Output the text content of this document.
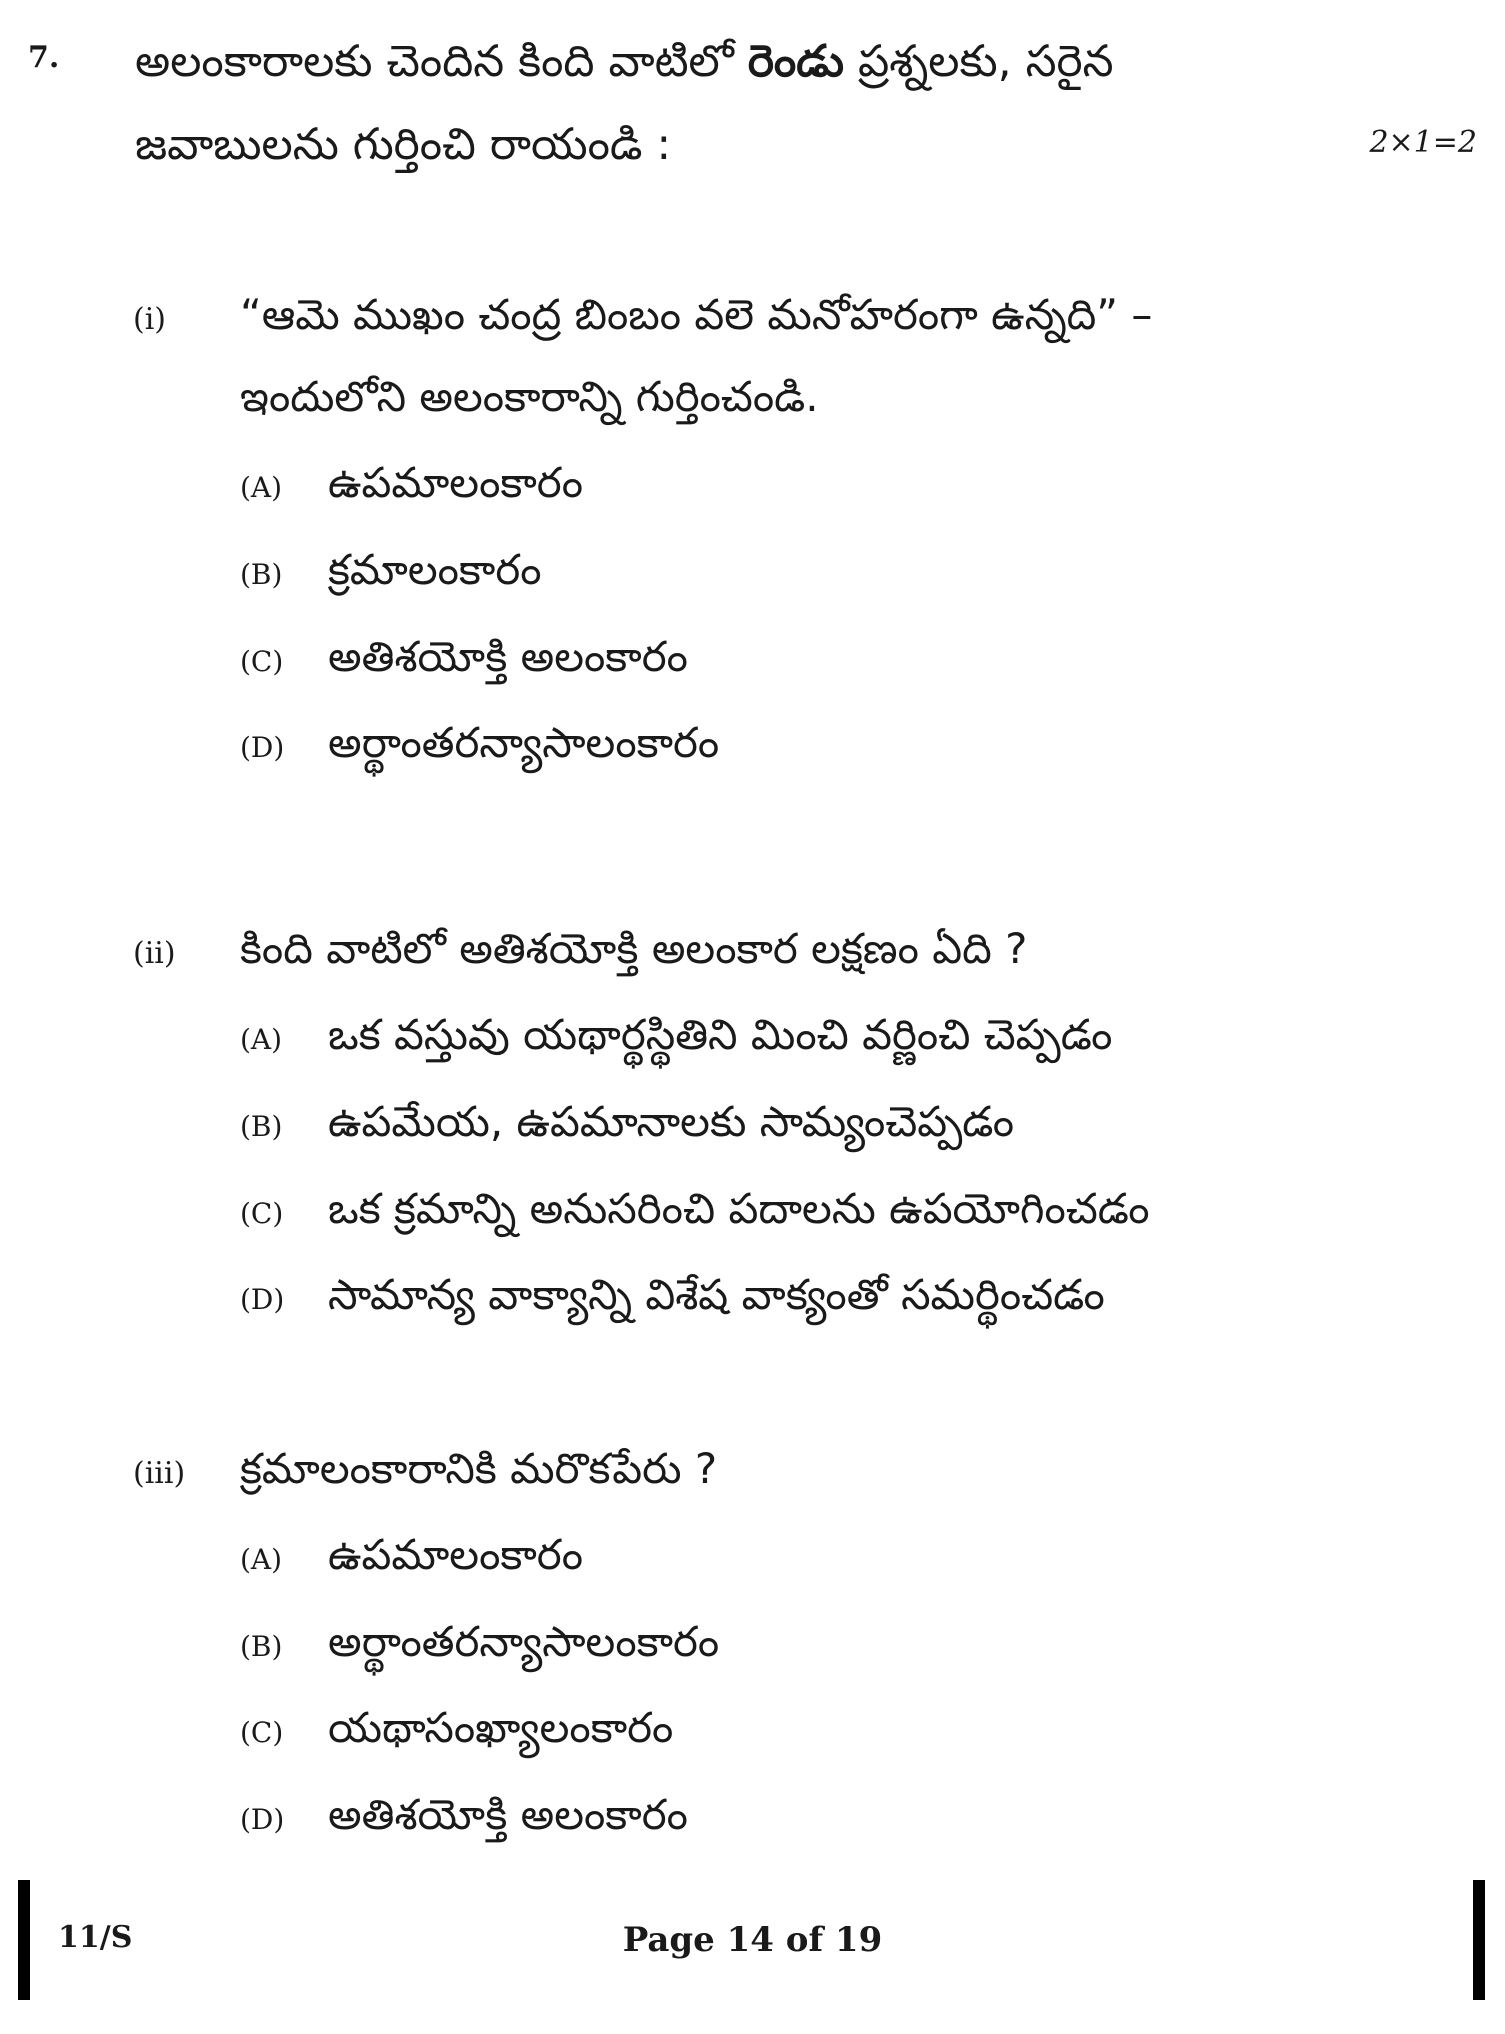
7. అలంకారాలకు చెందిన కింది వాటిలో రెండు ప్రశ్నలకు, సరైన
జవాబులను గుర్తించి రాయండి :	2×1=2
(i) “ఆమె ముఖం చంద్ర బింబం వలె మనోహరంగా ఉన్నది” –
ఇందులోని అలంకారాన్ని గుర్తించండి.
(A)	ఉపమాలంకారం
(B)	క్రమాలంకారం
(C)	అతిశయోక్తి అలంకారం
(D)	అర్థాంతరన్యాసాలంకారం
(ii) కింది వాటిలో అతిశయోక్తి అలంకార లక్షణం ఏది ?
(A)	ఒక వస్తువు యథార్థస్థితిని మించి వర్ణించి చెప్పడం
(B)	ఉపమేయ, ఉపమానాలకు సామ్యంచెప్పడం
(C)	ఒక క్రమాన్ని అనుసరించి పదాలను ఉపయోగించడం
(D)	సామాన్య వాక్యాన్ని విశేష వాక్యంతో సమర్థించడం
(iii) క్రమాలంకారానికి మరొకపేరు ?
(A)	ఉపమాలంకారం
(B)	అర్థాంతరన్యాసాలంకారం
(C)	యథాసంఖ్యాలంకారం
(D)	అతిశయోక్తి అలంకారం
11/S	Page 14 of 19
